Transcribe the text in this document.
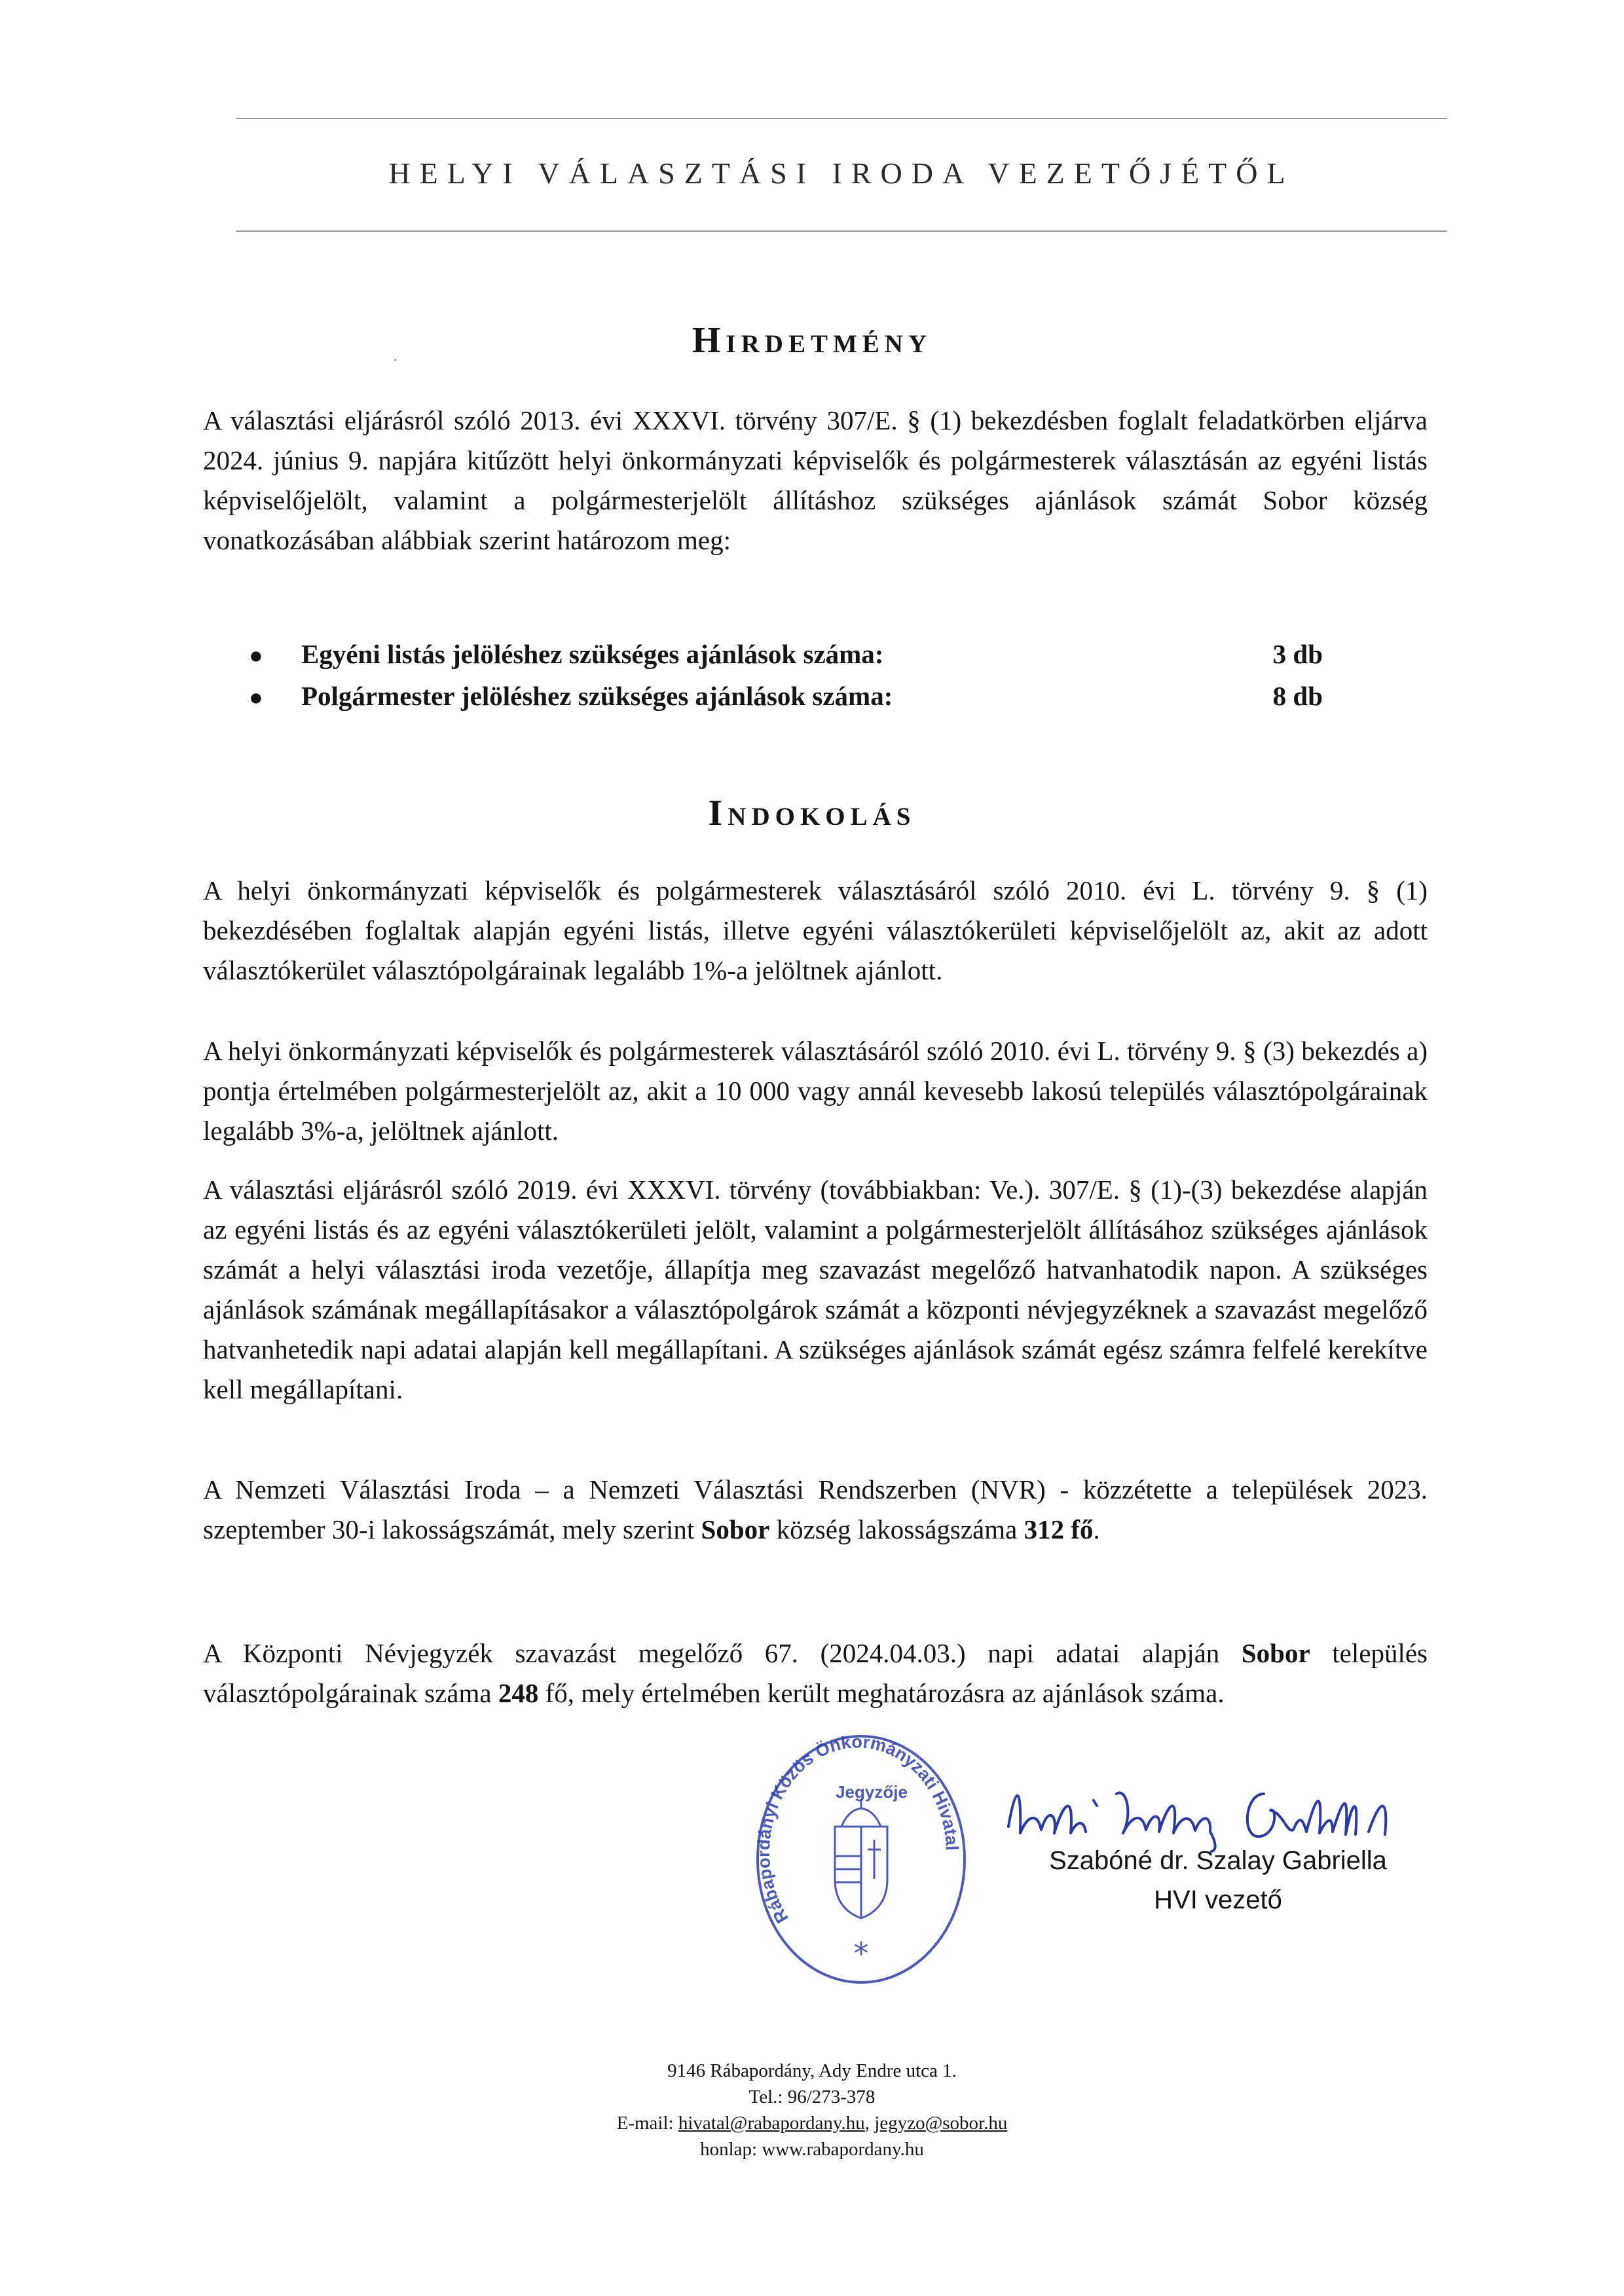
HELYI VÁLASZTÁSI IRODA VEZETŐJÉTŐL
·	Hirdetmény
A választási eljárásról szóló 2013. évi XXXVI. törvény 307/E. § (1) bekezdésben foglalt feladatkörben eljárva 2024. június 9. napjára kitűzött helyi önkormányzati képviselők és polgármesterek választásán az egyéni listás képviselőjelölt, valamint a polgármesterjelölt állításhoz szükséges ajánlások számát Sobor község vonatkozásában alábbiak szerint határozom meg:
●	Egyéni listás jelöléshez szükséges ajánlások száma:	3 db
●	Polgármester jelöléshez szükséges ajánlások száma:	8 db
Indokolás
A helyi önkormányzati képviselők és polgármesterek választásáról szóló 2010. évi L. törvény 9. § (1) bekezdésében foglaltak alapján egyéni listás, illetve egyéni választókerületi képviselőjelölt az, akit az adott választókerület választópolgárainak legalább 1%-a jelöltnek ajánlott.
A helyi önkormányzati képviselők és polgármesterek választásáról szóló 2010. évi L. törvény 9. § (3) bekezdés a) pontja értelmében polgármesterjelölt az, akit a 10 000 vagy annál kevesebb lakosú település választópolgárainak legalább 3%-a, jelöltnek ajánlott.
A választási eljárásról szóló 2019. évi XXXVI. törvény (továbbiakban: Ve.). 307/E. § (1)-(3) bekezdése alapján az egyéni listás és az egyéni választókerületi jelölt, valamint a polgármesterjelölt állításához szükséges ajánlások számát a helyi választási iroda vezetője, állapítja meg szavazást megelőző hatvanhatodik napon. A szükséges ajánlások számának megállapításakor a választópolgárok számát a központi névjegyzéknek a szavazást megelőző hatvanhetedik napi adatai alapján kell megállapítani. A szükséges ajánlások számát egész számra felfelé kerekítve kell megállapítani.
A Nemzeti Választási Iroda – a Nemzeti Választási Rendszerben (NVR) - közzétette a települések 2023. szeptember 30-i lakosságszámát, mely szerint Sobor község lakosságszáma 312 fő.
A Központi Névjegyzék szavazást megelőző 67. (2024.04.03.) napi adatai alapján Sobor település választópolgárainak száma 248 fő, mely értelmében került meghatározásra az ajánlások száma.
Rábapordányi Közös Önkormányzati Hivatal
Jegyzője
*
Szabóné dr. Szalay Gabriella
HVI vezető
9146 Rábapordány, Ady Endre utca 1.
Tel.: 96/273-378
E-mail: hivatal@rabapordany.hu, jegyzo@sobor.hu
honlap: www.rabapordany.hu
